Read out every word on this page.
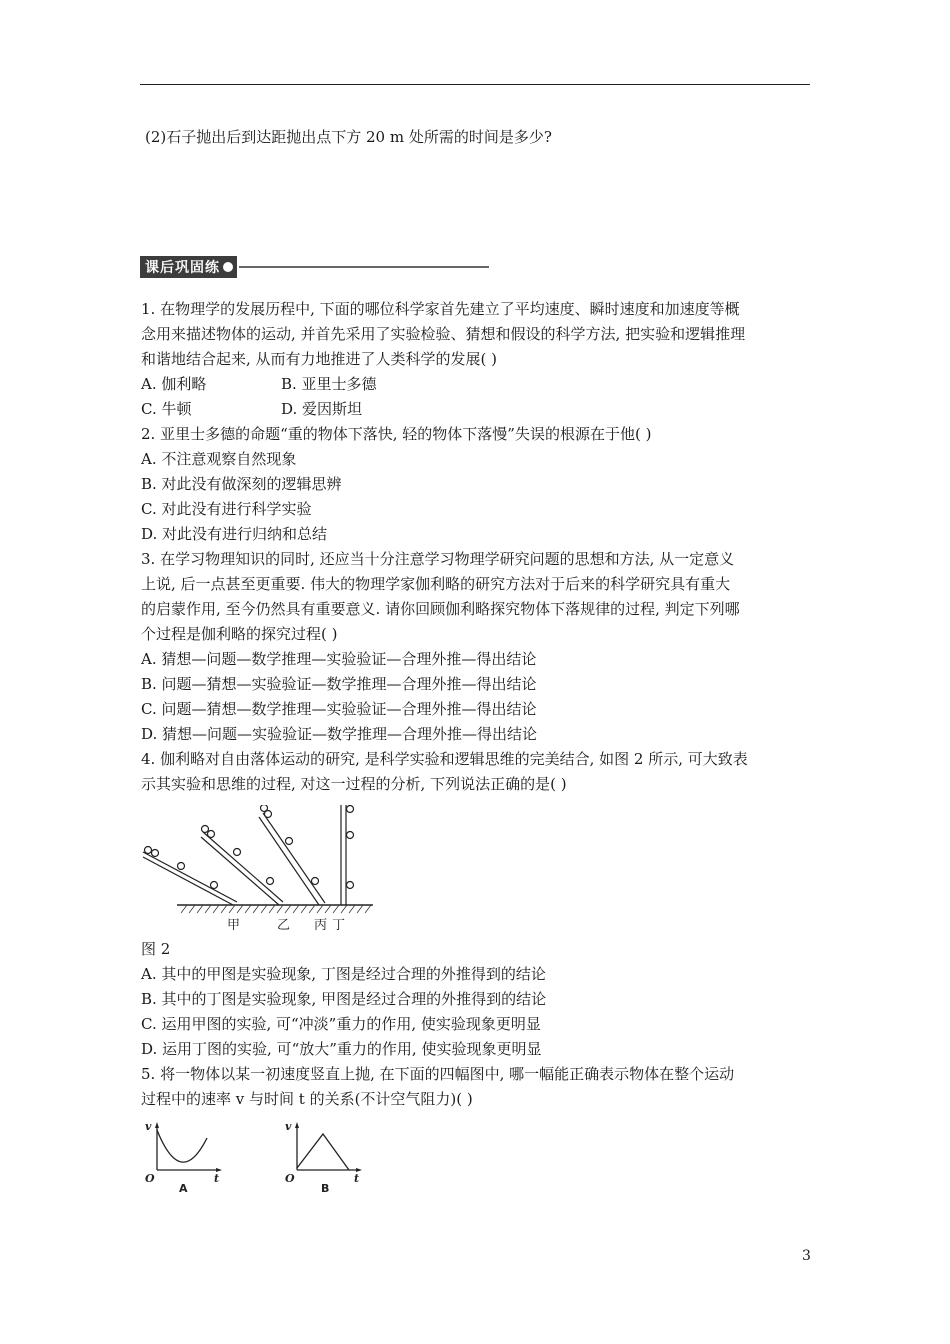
(2)石子抛出后到达距抛出点下方 20 m 处所需的时间是多少?
课后巩固练

1. 在物理学的发展历程中, 下面的哪位科学家首先建立了平均速度、瞬时速度和加速度等概

念用来描述物体的运动, 并首先采用了实验检验、猜想和假设的科学方法, 把实验和逻辑推理

和谐地结合起来, 从而有力地推进了人类科学的发展( )

A. 伽利略	B. 亚里士多德

C. 牛顿	D. 爱因斯坦

2. 亚里士多德的命题“重的物体下落快, 轻的物体下落慢”失误的根源在于他( )

A. 不注意观察自然现象

B. 对此没有做深刻的逻辑思辨

C. 对此没有进行科学实验

D. 对此没有进行归纳和总结

3. 在学习物理知识的同时, 还应当十分注意学习物理学研究问题的思想和方法, 从一定意义

上说, 后一点甚至更重要. 伟大的物理学家伽利略的研究方法对于后来的科学研究具有重大

的启蒙作用, 至今仍然具有重要意义. 请你回顾伽利略探究物体下落规律的过程, 判定下列哪

个过程是伽利略的探究过程( )

A. 猜想—问题—数学推理—实验验证—合理外推—得出结论

B. 问题—猜想—实验验证—数学推理—合理外推—得出结论

C. 问题—猜想—数学推理—实验验证—合理外推—得出结论

D. 猜想—问题—实验验证—数学推理—合理外推—得出结论

4. 伽利略对自由落体运动的研究, 是科学实验和逻辑思维的完美结合, 如图 2 所示, 可大致表

示其实验和思维的过程, 对这一过程的分析, 下列说法正确的是( )

甲	乙 丙 丁

图 2

A. 其中的甲图是实验现象, 丁图是经过合理的外推得到的结论

B. 其中的丁图是实验现象, 甲图是经过合理的外推得到的结论

C. 运用甲图的实验, 可“冲淡”重力的作用, 使实验现象更明显

D. 运用丁图的实验, 可“放大”重力的作用, 使实验现象更明显

5. 将一物体以某一初速度竖直上抛, 在下面的四幅图中, 哪一幅能正确表示物体在整个运动

过程中的速率 v 与时间 t 的关系(不计空气阻力)( )

v
O	t
A
v
O	t
B
3
